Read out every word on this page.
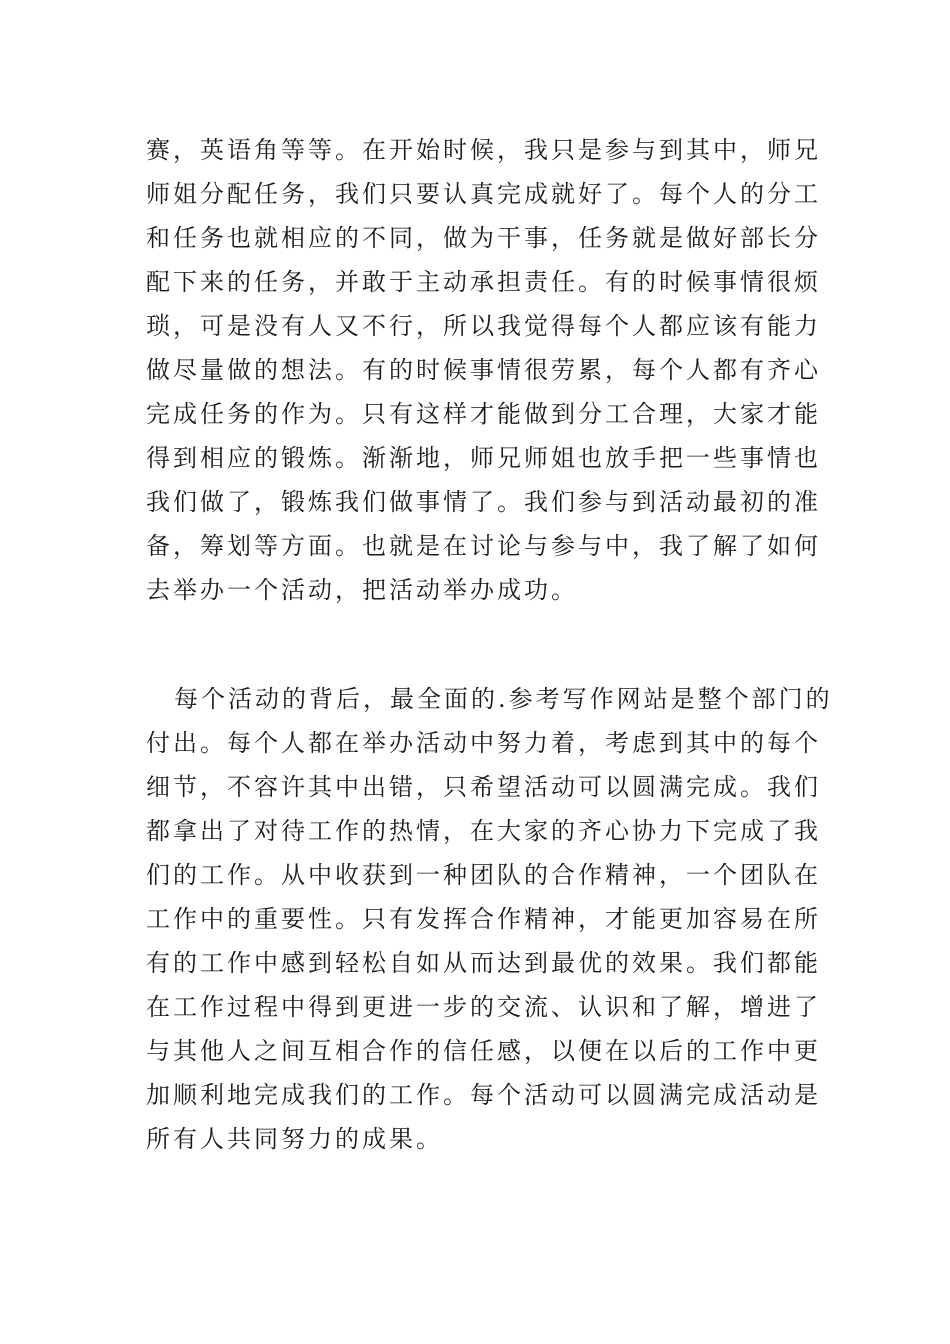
赛，英语角等等。在开始时候，我只是参与到其中，师兄
师姐分配任务，我们只要认真完成就好了。每个人的分工
和任务也就相应的不同，做为干事，任务就是做好部长分
配下来的任务，并敢于主动承担责任。有的时候事情很烦
琐，可是没有人又不行，所以我觉得每个人都应该有能力
做尽量做的想法。有的时候事情很劳累，每个人都有齐心
完成任务的作为。只有这样才能做到分工合理，大家才能
得到相应的锻炼。渐渐地，师兄师姐也放手把一些事情也
我们做了，锻炼我们做事情了。我们参与到活动最初的准
备，筹划等方面。也就是在讨论与参与中，我了解了如何
去举办一个活动，把活动举办成功。
每个活动的背后，最全面的.参考写作网站是整个部门的
付出。每个人都在举办活动中努力着，考虑到其中的每个
细节，不容许其中出错，只希望活动可以圆满完成。我们
都拿出了对待工作的热情，在大家的齐心协力下完成了我
们的工作。从中收获到一种团队的合作精神，一个团队在
工作中的重要性。只有发挥合作精神，才能更加容易在所
有的工作中感到轻松自如从而达到最优的效果。我们都能
在工作过程中得到更进一步的交流、认识和了解，增进了
与其他人之间互相合作的信任感，以便在以后的工作中更
加顺利地完成我们的工作。每个活动可以圆满完成活动是
所有人共同努力的成果。
